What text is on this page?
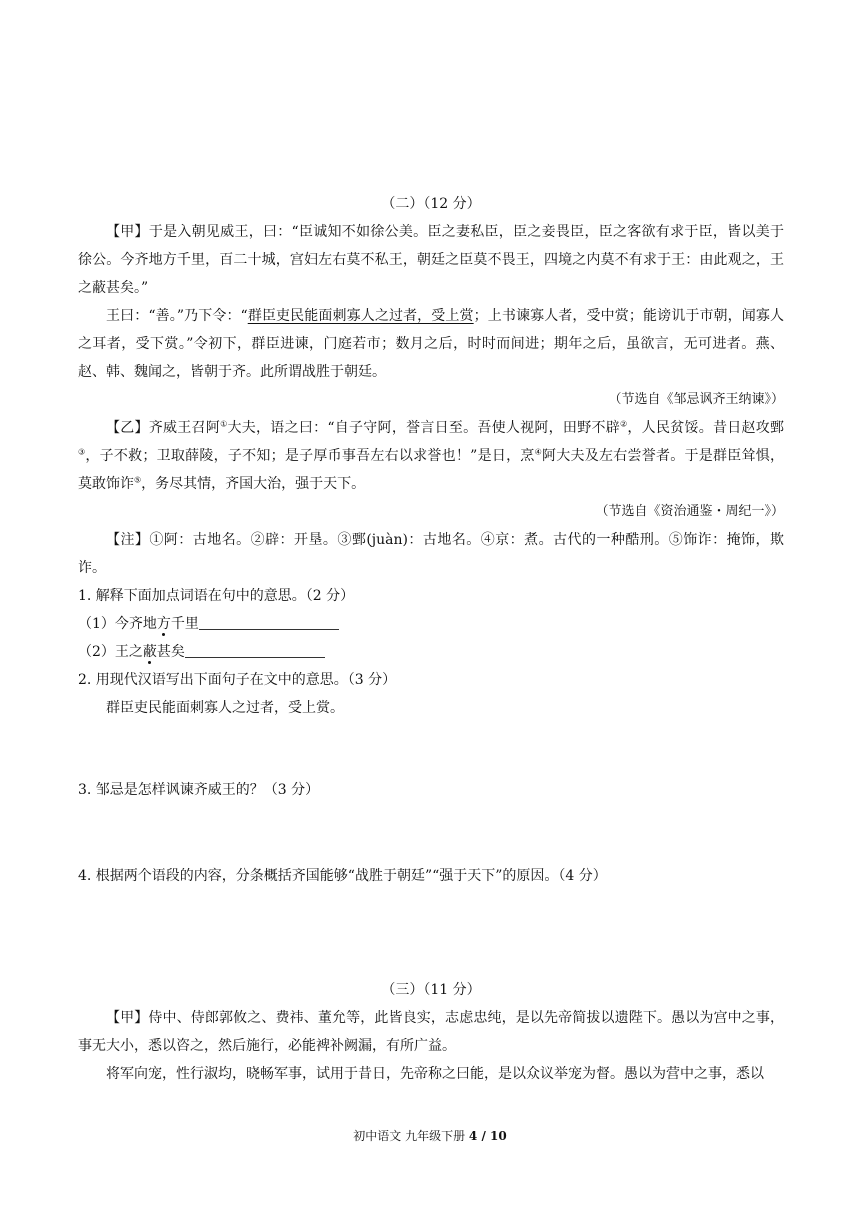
（二）（12 分）
【甲】于是入朝见威王，曰：“臣诚知不如徐公美。臣之妻私臣，臣之妾畏臣，臣之客欲有求于臣，皆以美于徐公。今齐地方千里，百二十城，宫妇左右莫不私王，朝廷之臣莫不畏王，四境之内莫不有求于王：由此观之，王之蔽甚矣。”
王曰：“善。”乃下令：“群臣吏民能面刺寡人之过者，受上赏；上书谏寡人者，受中赏；能谤讥于市朝，闻寡人之耳者，受下赏。”令初下，群臣进谏，门庭若市；数月之后，时时而间进；期年之后，虽欲言，无可进者。燕、赵、韩、魏闻之，皆朝于齐。此所谓战胜于朝廷。
（节选自《邹忌讽齐王纳谏》）
【乙】齐威王召阿①大夫，语之曰：“自子守阿，誉言日至。吾使人视阿，田野不辟②，人民贫馁。昔日赵攻鄄③，子不救；卫取薛陵，子不知；是子厚币事吾左右以求誉也！”是日，烹④阿大夫及左右尝誉者。于是群臣耸惧，莫敢饰诈⑤，务尽其情，齐国大治，强于天下。
（节选自《资治通鉴・周纪一》）
【注】①阿：古地名。②辟：开垦。③鄄(juàn)：古地名。④京：煮。古代的一种酷刑。⑤饰诈：掩饰，欺诈。
1. 解释下面加点词语在句中的意思。（2 分）
（1）今齐地方千里
（2）王之蔽甚矣
2. 用现代汉语写出下面句子在文中的意思。（3 分）
群臣吏民能面刺寡人之过者，受上赏。
3. 邹忌是怎样讽谏齐威王的？（3 分）
4. 根据两个语段的内容，分条概括齐国能够“战胜于朝廷”“强于天下”的原因。（4 分）
（三）（11 分）
【甲】侍中、侍郎郭攸之、费祎、董允等，此皆良实，志虑忠纯，是以先帝简拔以遗陛下。愚以为宫中之事，事无大小，悉以咨之，然后施行，必能裨补阙漏，有所广益。
将军向宠，性行淑均，晓畅军事，试用于昔日，先帝称之曰能，是以众议举宠为督。愚以为营中之事，悉以
初中语文 九年级下册 4 / 10
